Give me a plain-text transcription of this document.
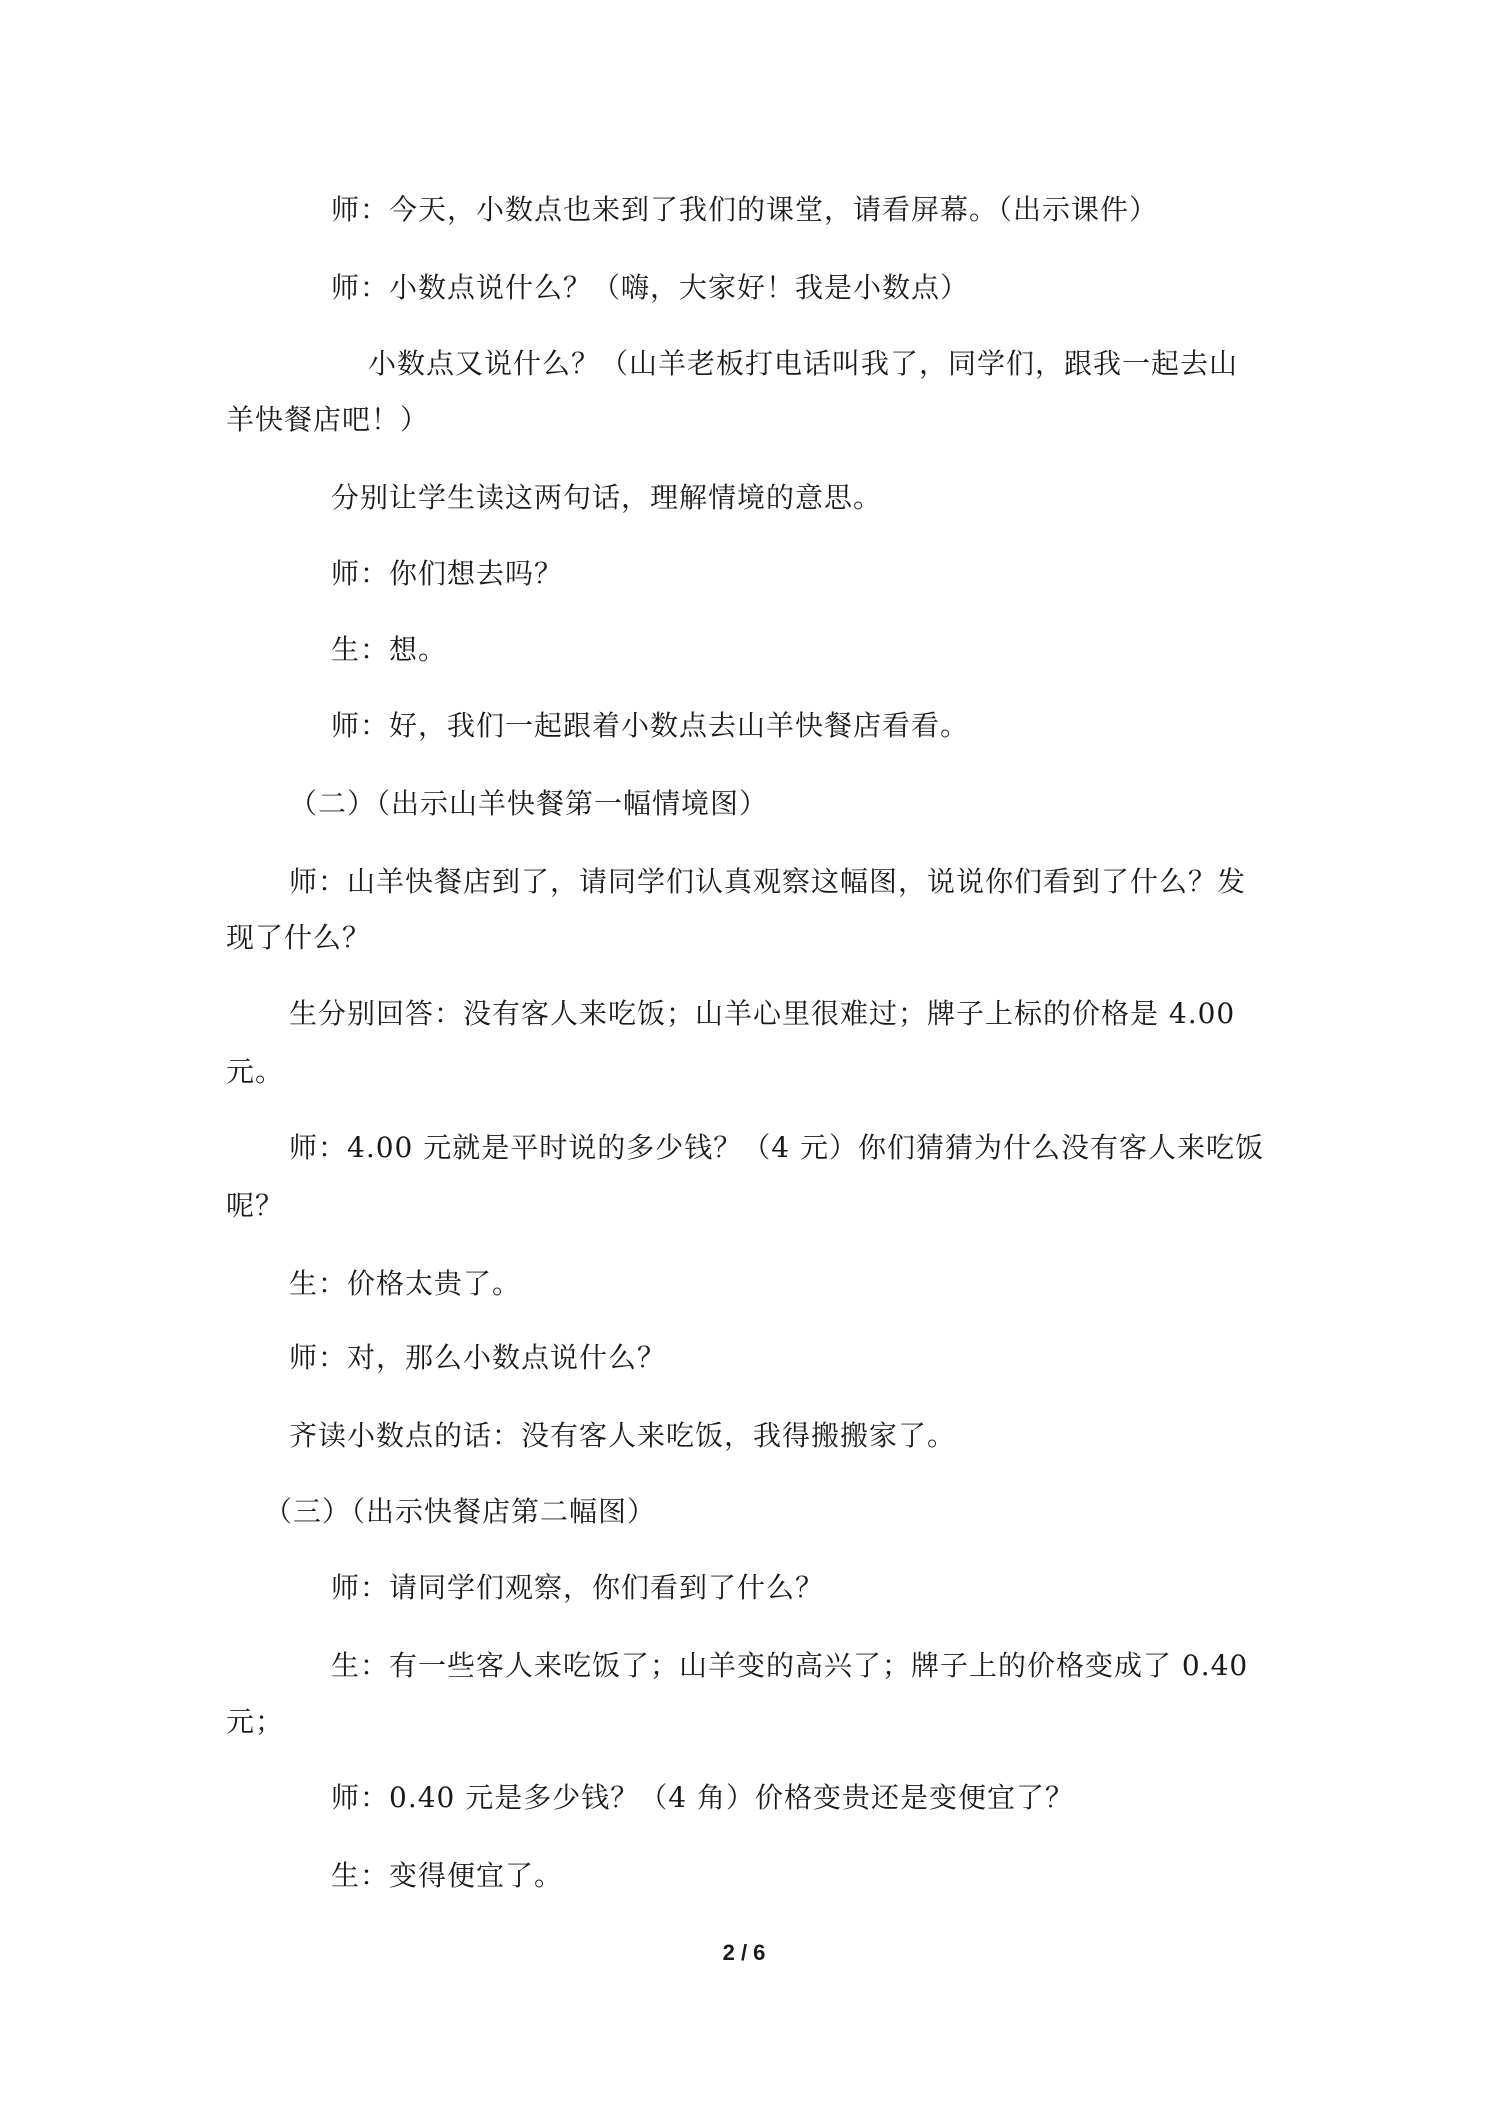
师：今天，小数点也来到了我们的课堂，请看屏幕。（出示课件）
师：小数点说什么？（嗨，大家好！我是小数点）
小数点又说什么？（山羊老板打电话叫我了，同学们，跟我一起去山
羊快餐店吧！）
分别让学生读这两句话，理解情境的意思。
师：你们想去吗？
生：想。
师：好，我们一起跟着小数点去山羊快餐店看看。
（二）（出示山羊快餐第一幅情境图）
师：山羊快餐店到了，请同学们认真观察这幅图，说说你们看到了什么？发
现了什么？
生分别回答：没有客人来吃饭；山羊心里很难过；牌子上标的价格是 4.00
元。
师：4.00 元就是平时说的多少钱？（4 元）你们猜猜为什么没有客人来吃饭
呢？
生：价格太贵了。
师：对，那么小数点说什么？
齐读小数点的话：没有客人来吃饭，我得搬搬家了。
（三）（出示快餐店第二幅图）
师：请同学们观察，你们看到了什么？
生：有一些客人来吃饭了；山羊变的高兴了；牌子上的价格变成了 0.40
元；
师：0.40 元是多少钱？（4 角）价格变贵还是变便宜了？
生：变得便宜了。
2 / 6
